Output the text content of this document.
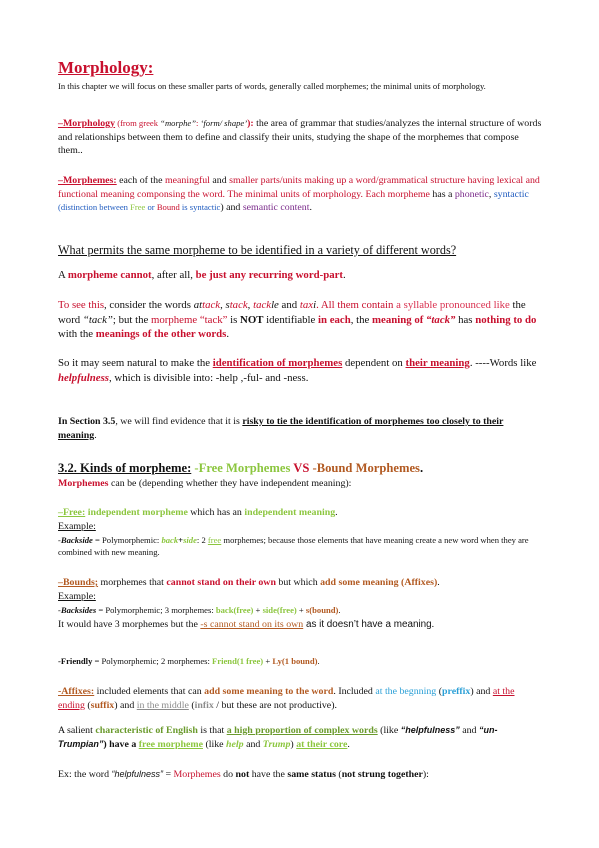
Morphology:

In this chapter we will focus on these smaller parts of words, generally called morphemes; the minimal units of morphology.

–Morphology (from greek “morphe”: ‘form/ shape’): the area of grammar that studies/analyzes the internal structure of words and relationships between them to define and classify their units, studying the shape of the morphemes that compose them..

–Morphemes: each of the meaningful and smaller parts/units making up a word/grammatical structure having lexical and functional meaning componsing the word. The minimal units of morphology. Each morpheme has a phonetic, syntactic (distinction between Free or Bound is syntactic) and semantic content.

What permits the same morpheme to be identified in a variety of different words?

A morpheme cannot, after all, be just any recurring word-part.

To see this, consider the words attack, stack, tackle and taxi. All them contain a syllable pronounced like the word “tack”; but the morpheme “tack” is NOT identifiable in each, the meaning of “tack” has nothing to do with the meanings of the other words.

So it may seem natural to make the identification of morphemes dependent on their meaning. ----Words like helpfulness, which is divisible into: -help ,-ful- and -ness.

In Section 3.5, we will find evidence that it is risky to tie the identification of morphemes too closely to their meaning.

3.2. Kinds of morpheme: -Free Morphemes VS -Bound Morphemes.

Morphemes can be (depending whether they have independent meaning):

–Free: independent morpheme which has an independent meaning.

Example:

-Backside = Polymorphemic: back+side: 2 free morphemes; because those elements that have meaning create a new word when they are combined with new meaning.

–Bounds; morphemes that cannot stand on their own but which add some meaning (Affixes).

Example:

-Backsides = Polymorphemic; 3 morphemes: back(free) + side(free) + s(bound).

It would have 3 morphemes but the -s cannot stand on its own as it doesn’t have a meaning.

-Friendly = Polymorphemic; 2 morphemes: Friend(1 free) + Ly(1 bound).

-Affixes: included elements that can add some meaning to the word. Included at the begnning (preffix) and at the ending (suffix) and in the middle (infix / but these are not productive).

A salient characteristic of English is that a high proportion of complex words (like “helpfulness” and “un-Trumpian”) have a free morpheme (like help and Trump) at their core.

Ex: the word “helpfulness” = Morphemes do not have the same status (not strung together):
